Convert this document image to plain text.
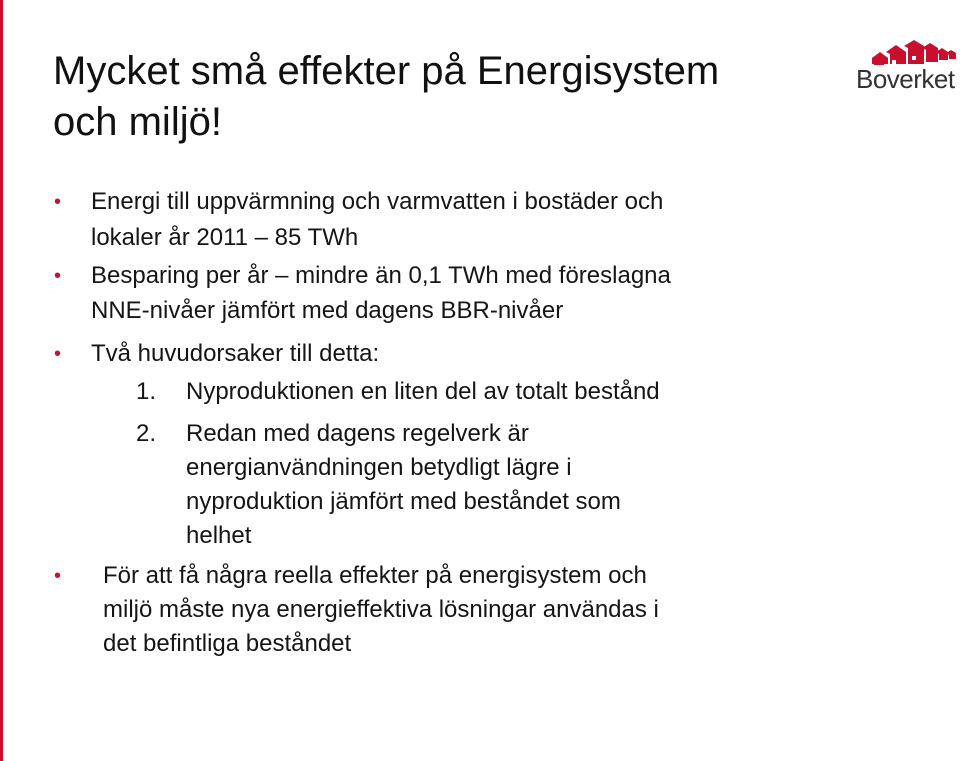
Mycket små effekter på Energisystem
och miljö!
Boverket
• Energi till uppvärmning och varmvatten i bostäder och
lokaler år 2011 – 85 TWh
• Besparing per år – mindre än 0,1 TWh med föreslagna
NNE-nivåer jämfört med dagens BBR-nivåer
• Två huvudorsaker till detta:
1. Nyproduktionen en liten del av totalt bestånd
2. Redan med dagens regelverk är
energianvändningen betydligt lägre i
nyproduktion jämfört med beståndet som
helhet
• För att få några reella effekter på energisystem och
miljö måste nya energieffektiva lösningar användas i
det befintliga beståndet
